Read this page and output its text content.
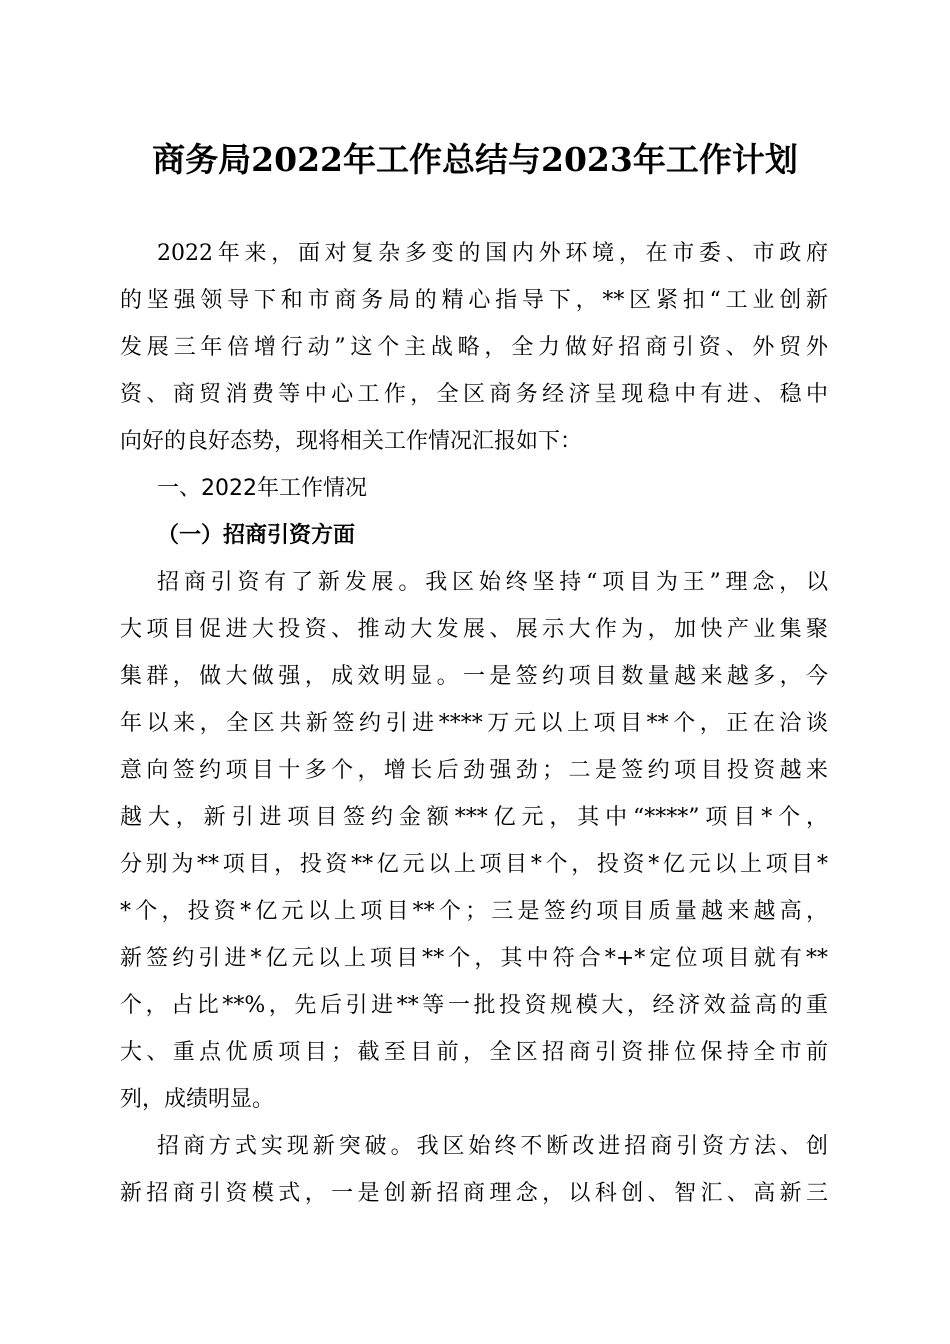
商务局2022年工作总结与2023年工作计划
2022年来，面对复杂多变的国内外环境，在市委、市政府
的坚强领导下和市商务局的精心指导下，**区紧扣“工业创新
发展三年倍增行动”这个主战略，全力做好招商引资、外贸外
资、商贸消费等中心工作，全区商务经济呈现稳中有进、稳中
向好的良好态势，现将相关工作情况汇报如下：
一、2022年工作情况
（一）招商引资方面
招商引资有了新发展。我区始终坚持“项目为王”理念，以
大项目促进大投资、推动大发展、展示大作为，加快产业集聚
集群，做大做强，成效明显。一是签约项目数量越来越多，今
年以来，全区共新签约引进****万元以上项目**个，正在洽谈
意向签约项目十多个，增长后劲强劲；二是签约项目投资越来
越大，新引进项目签约金额***亿元，其中“****”项目*个，
分别为**项目，投资**亿元以上项目*个，投资*亿元以上项目*
*个，投资*亿元以上项目**个；三是签约项目质量越来越高，
新签约引进*亿元以上项目**个，其中符合*+*定位项目就有**
个，占比**%，先后引进**等一批投资规模大，经济效益高的重
大、重点优质项目；截至目前，全区招商引资排位保持全市前
列，成绩明显。
招商方式实现新突破。我区始终不断改进招商引资方法、创
新招商引资模式，一是创新招商理念，以科创、智汇、高新三
